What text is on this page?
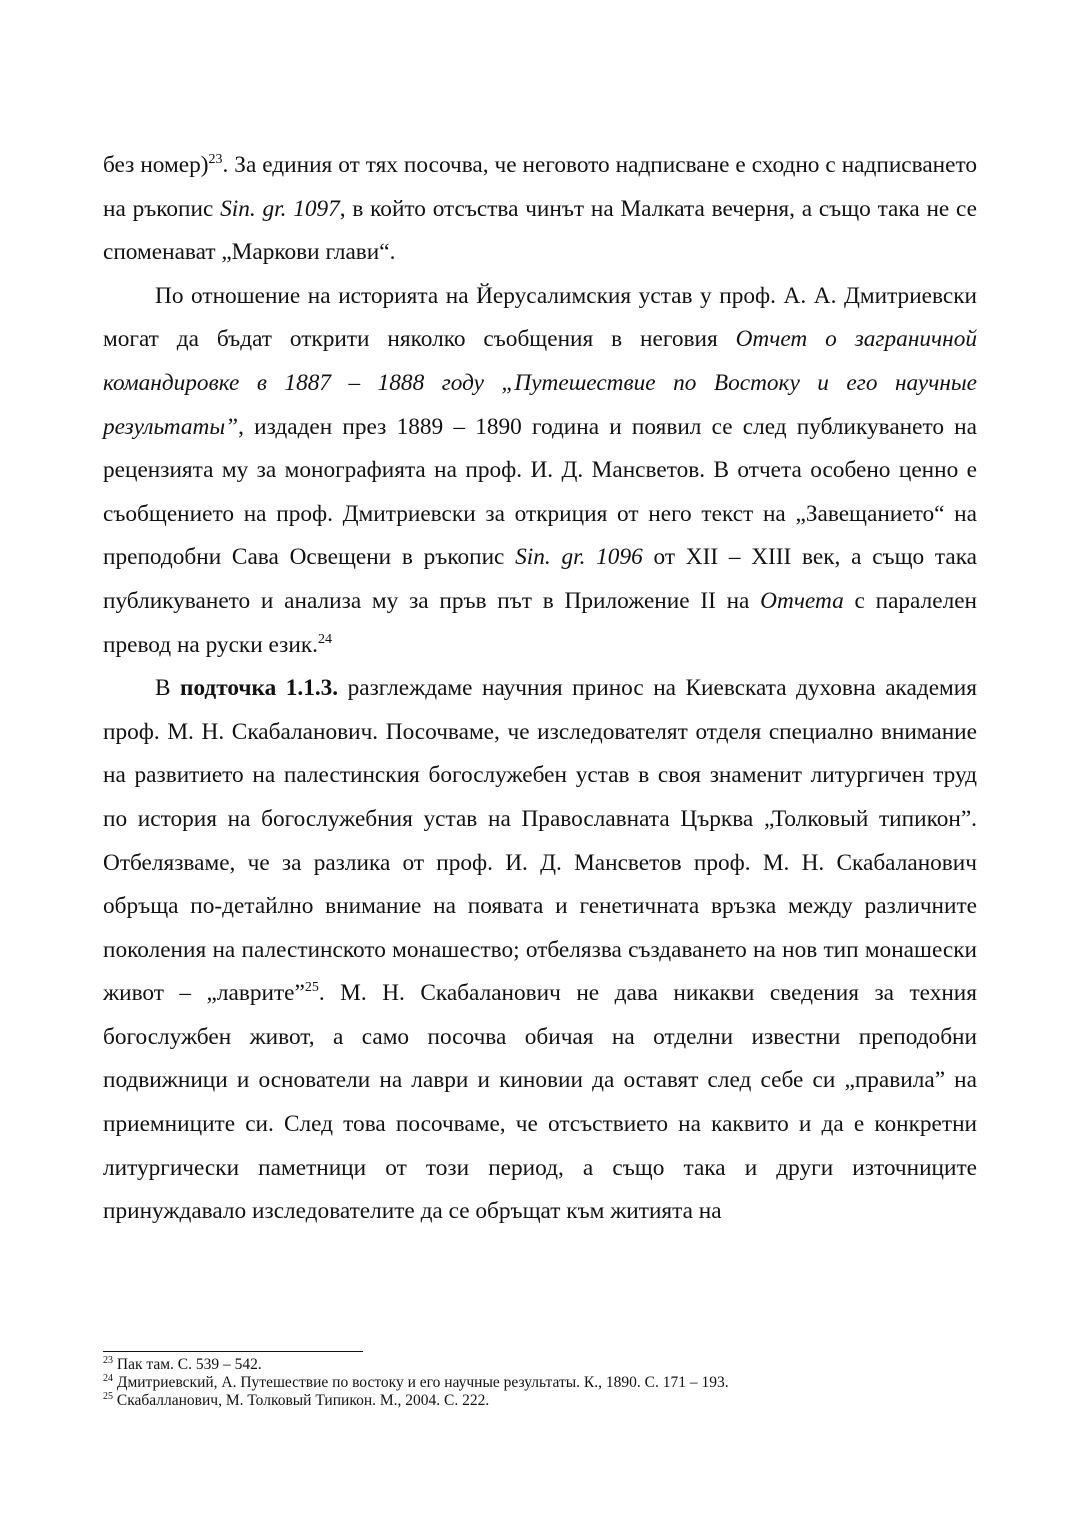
без номер)$^{23}$. За единия от тях посочва, че неговото надписване е сходно с надписването на ръкопис Sin. gr. 1097, в който отсъства чинът на Малката вечерня, а също така не се споменават „Маркови глави“.

По отношение на историята на Йерусалимския устав у проф. А. А. Дмитриевски могат да бъдат открити няколко съобщения в неговия Отчет о заграничной командировке в 1887 – 1888 году „Путешествие по Востоку и его научные результаты”, издаден през 1889 – 1890 година и появил се след публикуването на рецензията му за монографията на проф. И. Д. Мансветов. В отчета особено ценно е съобщението на проф. Дмитриевски за откриция от него текст на „Завещанието“ на преподобни Сава Освещени в ръкопис Sin. gr. 1096 от XII – XIII век, а също така публикуването и анализа му за пръв път в Приложение II на Отчета с паралелен превод на руски език.$^{24}$

В подточка 1.1.3. разглеждаме научния принос на Киевската духовна академия проф. М. Н. Скабаланович. Посочваме, че изследователят отделя специално внимание на развитието на палестинския богослужебен устав в своя знаменит литургичен труд по история на богослужебния устав на Православната Църква „Толковый типикон”. Отбелязваме, че за разлика от проф. И. Д. Мансветов проф. М. Н. Скабаланович обръща по-детайлно внимание на появата и генетичната връзка между различните поколения на палестинското монашество; отбелязва създаването на нов тип монашески живот – „лаврите”$^{25}$. М. Н. Скабаланович не дава никакви сведения за техния богослужбен живот, а само посочва обичая на отделни известни преподобни подвижници и основатели на лаври и киновии да оставят след себе си „правила” на приемниците си. След това посочваме, че отсъствието на каквито и да е конкретни литургически паметници от този период, а също така и други източниците принуждавало изследователите да се обръщат към житията на

$^{23}$ Пак там. С. 539 – 542.

$^{24}$ Дмитриевский, А. Путешествие по востоку и его научные результаты. К., 1890. С. 171 – 193.

$^{25}$ Скабалланович, М. Толковый Типикон. М., 2004. С. 222.
